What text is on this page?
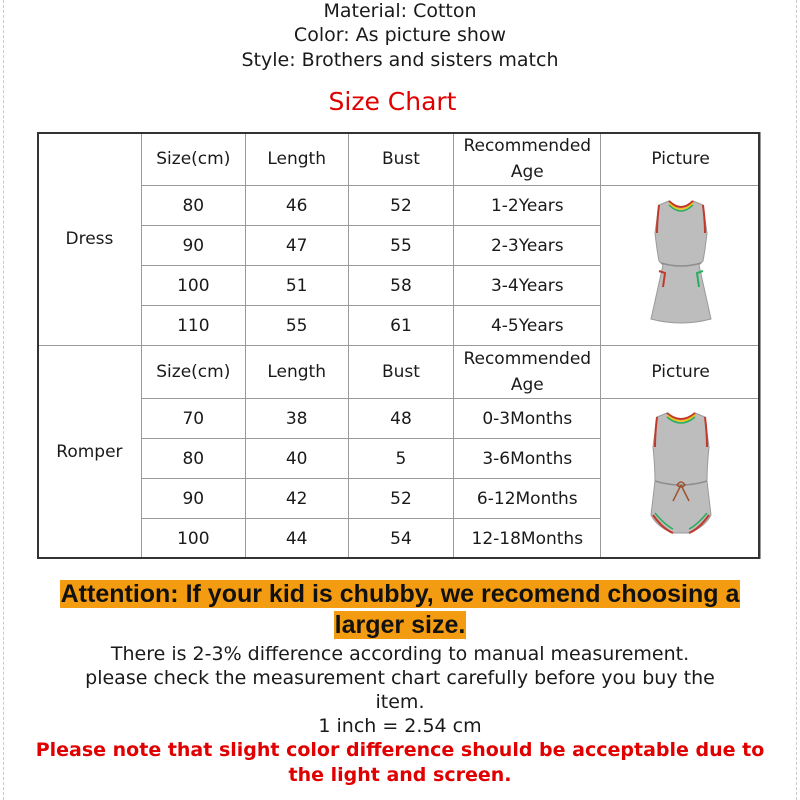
Material: Cotton
Color: As picture show
Style: Brothers and sisters match
Size Chart
Dress	Size(cm)	Length	Bust	Recommended Age	Picture
	80	46	52	1-2Years	
	90	47	55	2-3Years	
	100	51	58	3-4Years	
	110	55	61	4-5Years	
Romper	Size(cm)	Length	Bust	Recommended Age	Picture
	70	38	48	0-3Months	
	80	40	5	3-6Months	
	90	42	52	6-12Months	
	100	44	54	12-18Months	
Attention: If your kid is chubby, we recomend choosing a
larger size.
There is 2-3% difference according to manual measurement.
please check the measurement chart carefully before you buy the
item.
1 inch = 2.54 cm
Please note that slight color difference should be acceptable due to
the light and screen.
